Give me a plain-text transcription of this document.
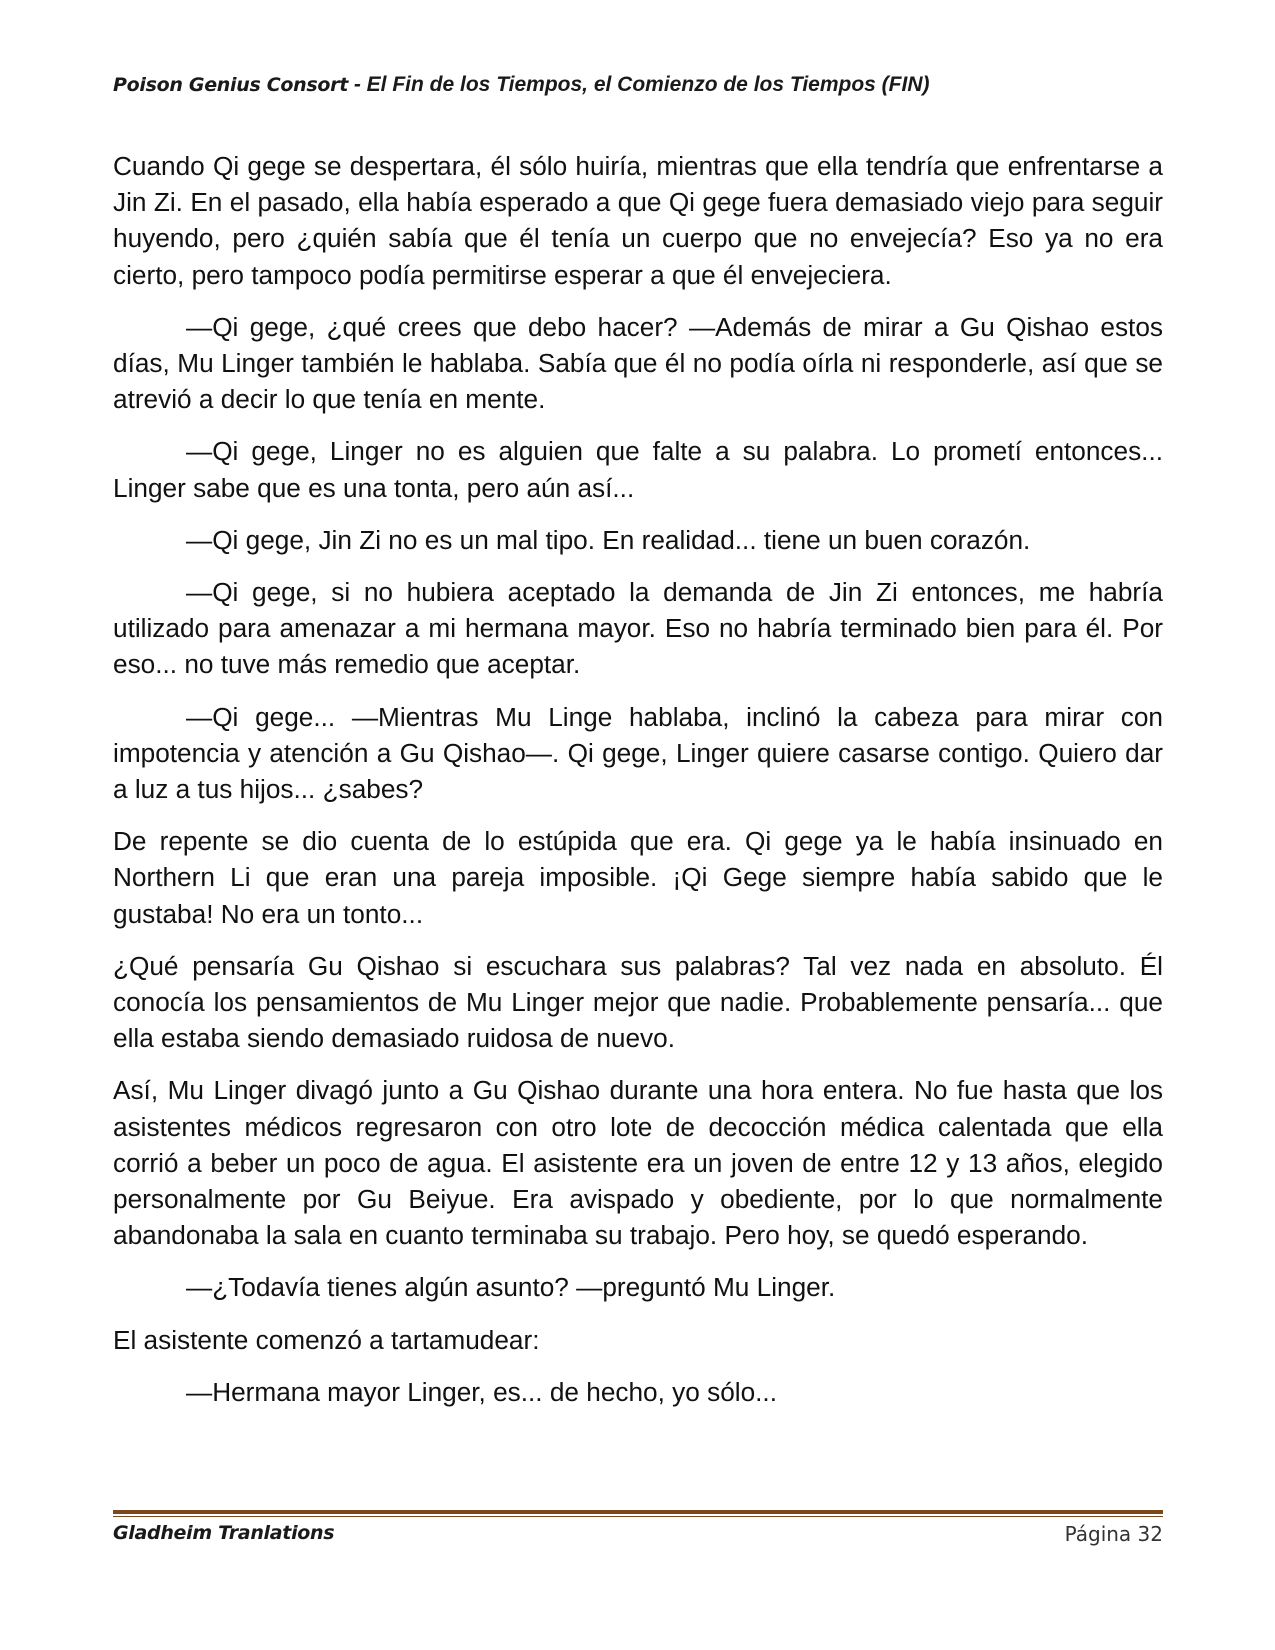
Poison Genius Consort - El Fin de los Tiempos, el Comienzo de los Tiempos (FIN)

Cuando Qi gege se despertara, él sólo huiría, mientras que ella tendría que enfrentarse a Jin Zi. En el pasado, ella había esperado a que Qi gege fuera demasiado viejo para seguir huyendo, pero ¿quién sabía que él tenía un cuerpo que no envejecía? Eso ya no era cierto, pero tampoco podía permitirse esperar a que él envejeciera.

—Qi gege, ¿qué crees que debo hacer? —Además de mirar a Gu Qishao estos días, Mu Linger también le hablaba. Sabía que él no podía oírla ni responderle, así que se atrevió a decir lo que tenía en mente.

—Qi gege, Linger no es alguien que falte a su palabra. Lo prometí entonces... Linger sabe que es una tonta, pero aún así...

—Qi gege, Jin Zi no es un mal tipo. En realidad... tiene un buen corazón.

—Qi gege, si no hubiera aceptado la demanda de Jin Zi entonces, me habría utilizado para amenazar a mi hermana mayor. Eso no habría terminado bien para él. Por eso... no tuve más remedio que aceptar.

—Qi gege... —Mientras Mu Linge hablaba, inclinó la cabeza para mirar con impotencia y atención a Gu Qishao—. Qi gege, Linger quiere casarse contigo. Quiero dar a luz a tus hijos... ¿sabes?

De repente se dio cuenta de lo estúpida que era. Qi gege ya le había insinuado en Northern Li que eran una pareja imposible. ¡Qi Gege siempre había sabido que le gustaba! No era un tonto...

¿Qué pensaría Gu Qishao si escuchara sus palabras? Tal vez nada en absoluto. Él conocía los pensamientos de Mu Linger mejor que nadie. Probablemente pensaría... que ella estaba siendo demasiado ruidosa de nuevo.

Así, Mu Linger divagó junto a Gu Qishao durante una hora entera. No fue hasta que los asistentes médicos regresaron con otro lote de decocción médica calentada que ella corrió a beber un poco de agua. El asistente era un joven de entre 12 y 13 años, elegido personalmente por Gu Beiyue. Era avispado y obediente, por lo que normalmente abandonaba la sala en cuanto terminaba su trabajo. Pero hoy, se quedó esperando.

—¿Todavía tienes algún asunto? —preguntó Mu Linger.

El asistente comenzó a tartamudear:

—Hermana mayor Linger, es... de hecho, yo sólo...

Gladheim Tranlations	Página 32
